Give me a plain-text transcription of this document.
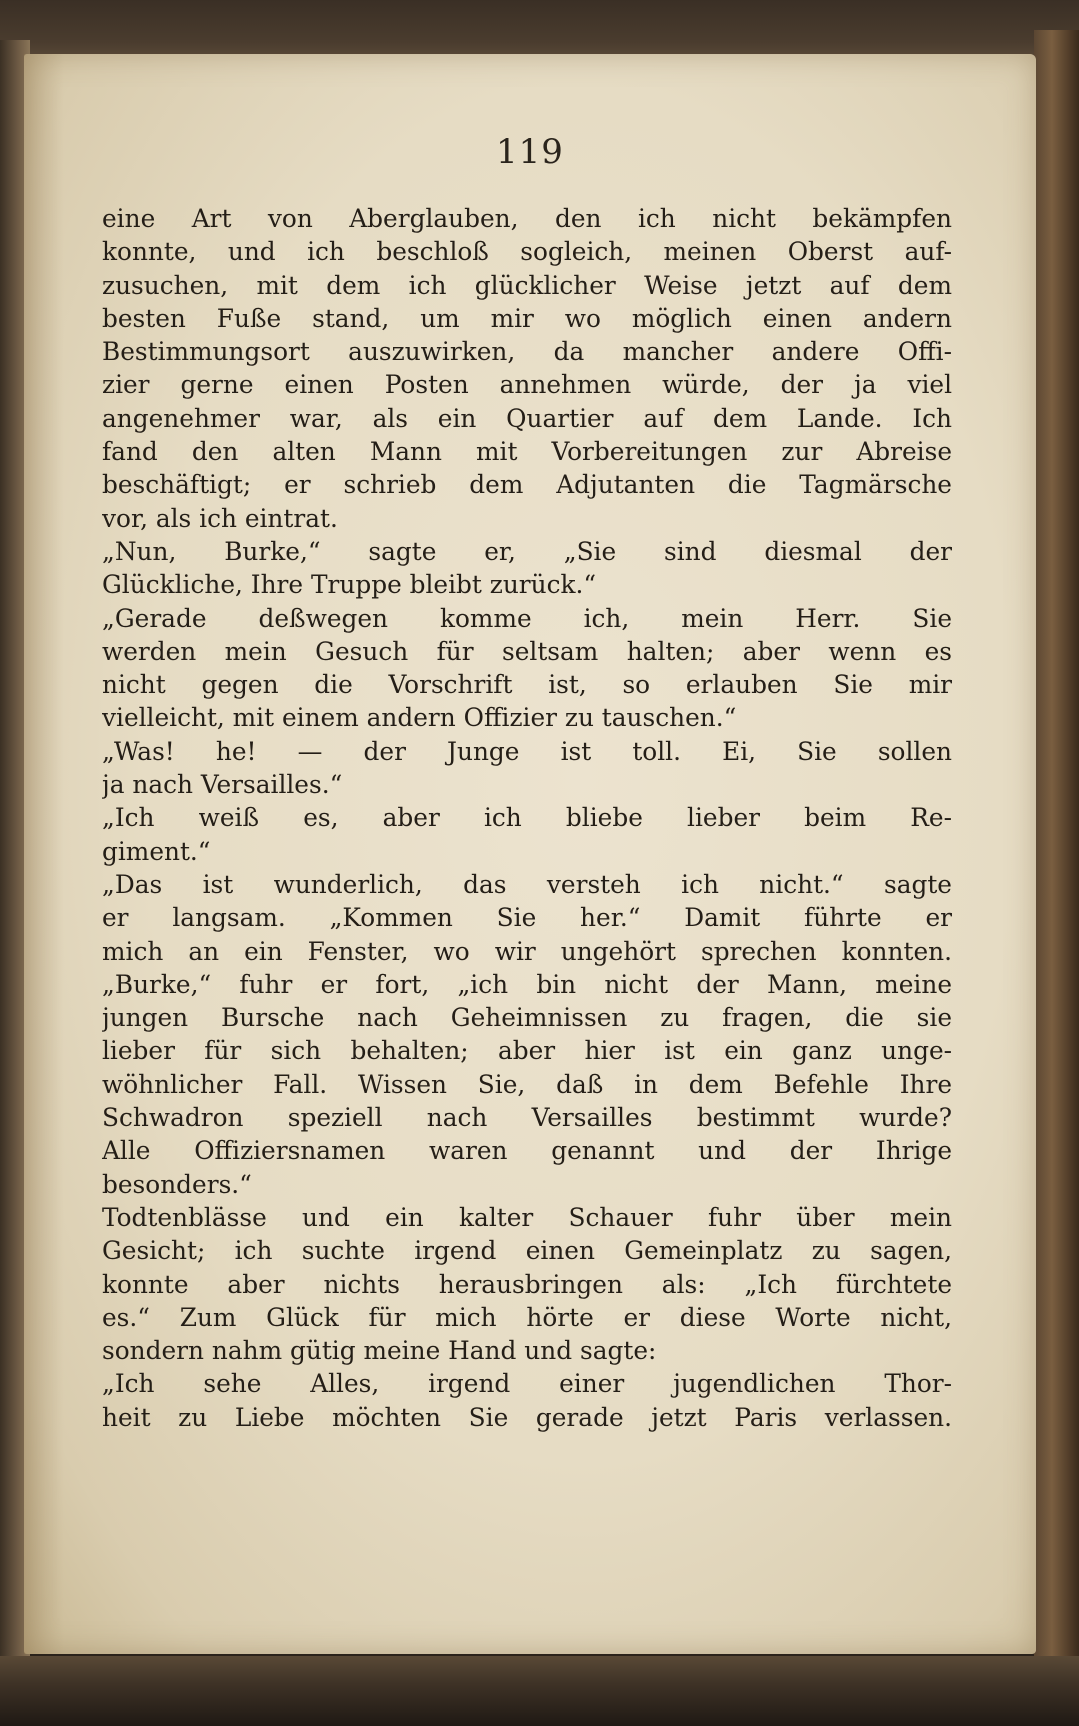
119
eine Art von Aberglauben, den ich nicht bekämpfen
konnte, und ich beschloß sogleich, meinen Oberst auf-
zusuchen, mit dem ich glücklicher Weise jetzt auf dem
besten Fuße stand, um mir wo möglich einen andern
Bestimmungsort auszuwirken, da mancher andere Offi-
zier gerne einen Posten annehmen würde, der ja viel
angenehmer war, als ein Quartier auf dem Lande. Ich
fand den alten Mann mit Vorbereitungen zur Abreise
beschäftigt; er schrieb dem Adjutanten die Tagmärsche
vor, als ich eintrat.
„Nun, Burke,“ sagte er, „Sie sind diesmal der
Glückliche, Ihre Truppe bleibt zurück.“
„Gerade deßwegen komme ich, mein Herr. Sie
werden mein Gesuch für seltsam halten; aber wenn es
nicht gegen die Vorschrift ist, so erlauben Sie mir
vielleicht, mit einem andern Offizier zu tauschen.“
„Was! he! — der Junge ist toll. Ei, Sie sollen
ja nach Versailles.“
„Ich weiß es, aber ich bliebe lieber beim Re-
giment.“
„Das ist wunderlich, das versteh ich nicht.“ sagte
er langsam. „Kommen Sie her.“ Damit führte er
mich an ein Fenster, wo wir ungehört sprechen konnten.
„Burke,“ fuhr er fort, „ich bin nicht der Mann, meine
jungen Bursche nach Geheimnissen zu fragen, die sie
lieber für sich behalten; aber hier ist ein ganz unge-
wöhnlicher Fall. Wissen Sie, daß in dem Befehle Ihre
Schwadron speziell nach Versailles bestimmt wurde?
Alle Offiziersnamen waren genannt und der Ihrige
besonders.“
Todtenblässe und ein kalter Schauer fuhr über mein
Gesicht; ich suchte irgend einen Gemeinplatz zu sagen,
konnte aber nichts herausbringen als: „Ich fürchtete
es.“ Zum Glück für mich hörte er diese Worte nicht,
sondern nahm gütig meine Hand und sagte:
„Ich sehe Alles, irgend einer jugendlichen Thor-
heit zu Liebe möchten Sie gerade jetzt Paris verlassen.
